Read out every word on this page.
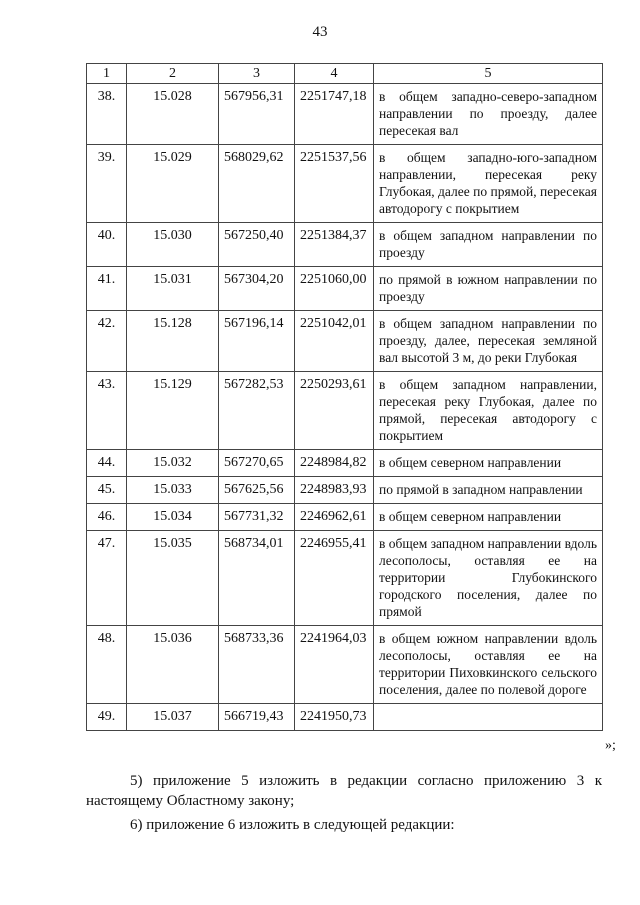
43
1	2	3	4	5
38.	15.028	567956,31	2251747,18	в общем западно-северо-западном направлении по проезду, далее пересекая вал
39.	15.029	568029,62	2251537,56	в общем западно-юго-западном направлении, пересекая реку Глубокая, далее по прямой, пересекая автодорогу с покрытием
40.	15.030	567250,40	2251384,37	в общем западном направлении по проезду
41.	15.031	567304,20	2251060,00	по прямой в южном направлении по проезду
42.	15.128	567196,14	2251042,01	в общем западном направлении по проезду, далее, пересекая земляной вал высотой 3 м, до реки Глубокая
43.	15.129	567282,53	2250293,61	в общем западном направлении, пересекая реку Глубокая, далее по прямой, пересекая автодорогу с покрытием
44.	15.032	567270,65	2248984,82	в общем северном направлении
45.	15.033	567625,56	2248983,93	по прямой в западном направлении
46.	15.034	567731,32	2246962,61	в общем северном направлении
47.	15.035	568734,01	2246955,41	в общем западном направлении вдоль лесополосы, оставляя ее на территории Глубокинского городского поселения, далее по прямой
48.	15.036	568733,36	2241964,03	в общем южном направлении вдоль лесополосы, оставляя ее на территории Пиховкинского сельского поселения, далее по полевой дороге
49.	15.037	566719,43	2241950,73	
»;
5) приложение 5 изложить в редакции согласно приложению 3 к настоящему Областному закону;
6) приложение 6 изложить в следующей редакции:
